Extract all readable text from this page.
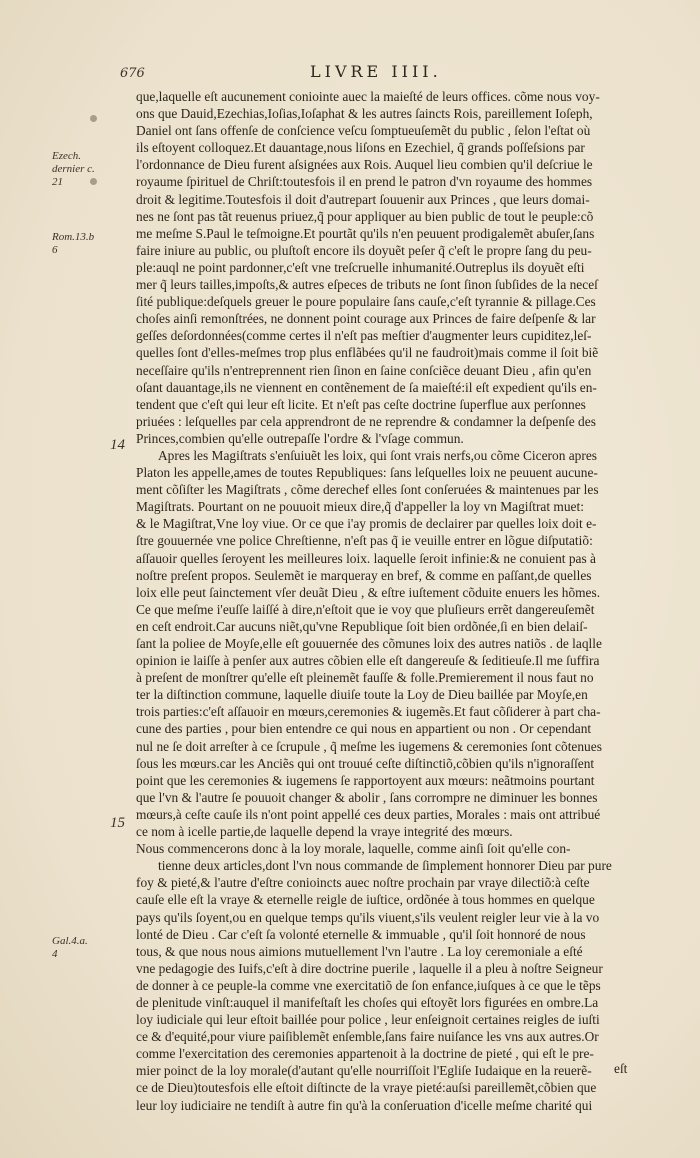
676	LIVRE IIII.
Ezech.
dernier c.
21
Rom.13.b
6
Gal.4.a.
4
14
15
que,laquelle eſt aucunement coniointe auec la maieſté de leurs offices. cõme nous voy-
ons que Dauid,Ezechias,Ioſias,Ioſaphat & les autres ſaincts Rois, pareillement Ioſeph,
Daniel ont ſans offenſe de conſcience veſcu ſomptueuſemẽt du public , ſelon l'eſtat où
ils eſtoyent colloquez.Et dauantage,nous liſons en Ezechiel, q̃ grands poſſeſsions par
l'ordonnance de Dieu furent aſsignées aux Rois. Auquel lieu combien qu'il deſcriue le
royaume ſpirituel de Chriſt:toutesfois il en prend le patron d'vn royaume des hommes
droit & legitime.Toutesfois il doit d'autrepart ſouuenir aux Princes , que leurs domai-
nes ne ſont pas tãt reuenus priuez,q̃ pour appliquer au bien public de tout le peuple:cõ
me meſme S.Paul le teſmoigne.Et pourtãt qu'ils n'en peuuent prodigalemẽt abuſer,ſans
faire iniure au public, ou pluſtoſt encore ils doyuẽt peſer q̃ c'eſt le propre ſang du peu-
ple:auql ne point pardonner,c'eſt vne treſcruelle inhumanité.Outreplus ils doyuẽt eſti
mer q̃ leurs tailles,impoſts,& autres eſpeces de tributs ne ſont ſinon ſubſides de la neceſ
ſité publique:deſquels greuer le poure populaire ſans cauſe,c'eſt tyrannie & pillage.Ces
choſes ainſi remonſtrées, ne donnent point courage aux Princes de faire deſpenſe & lar
geſſes deſordonnées(comme certes il n'eſt pas meſtier d'augmenter leurs cupiditez,leſ-
quelles ſont d'elles-meſmes trop plus enflãbées qu'il ne faudroit)mais comme il ſoit biẽ
neceſſaire qu'ils n'entreprennent rien ſinon en ſaine conſciẽce deuant Dieu , afin qu'en
oſant dauantage,ils ne viennent en contẽnement de ſa maieſté:il eſt expedient qu'ils en-
tendent que c'eſt qui leur eſt licite. Et n'eſt pas ceſte doctrine ſuperflue aux perſonnes
priuées : leſquelles par cela apprendront de ne reprendre & condamner la deſpenſe des
Princes,combien qu'elle outrepaſſe l'ordre & l'vſage commun.
Apres les Magiſtrats s'enſuiuẽt les loix, qui ſont vrais nerfs,ou cõme Ciceron apres
Platon les appelle,ames de toutes Republiques: ſans leſquelles loix ne peuuent aucune-
ment cõſiſter les Magiſtrats , cõme derechef elles ſont conſeruées & maintenues par les
Magiſtrats. Pourtant on ne pouuoit mieux dire,q̃ d'appeller la loy vn Magiſtrat muet:
& le Magiſtrat,Vne loy viue. Or ce que i'ay promis de declairer par quelles loix doit e-
ſtre gouuernée vne police Chreſtienne, n'eſt pas q̃ ie veuille entrer en lõgue diſputatiõ:
aſſauoir quelles ſeroyent les meilleures loix. laquelle ſeroit infinie:& ne conuient pas à
noſtre preſent propos. Seulemẽt ie marqueray en bref, & comme en paſſant,de quelles
loix elle peut ſainctement vſer deuãt Dieu , & eſtre iuſtement cõduite enuers les hõmes.
Ce que meſme i'euſſe laiſſé à dire,n'eſtoit que ie voy que pluſieurs errẽt dangereuſemẽt
en ceſt endroit.Car aucuns niẽt,qu'vne Republique ſoit bien ordõnée,ſi en bien delaiſ-
ſant la poliee de Moyſe,elle eſt gouuernée des cõmunes loix des autres natiõs . de laqlle
opinion ie laiſſe à penſer aux autres cõbien elle eſt dangereuſe & ſeditieuſe.Il me ſuffira
à preſent de monſtrer qu'elle eſt pleinemẽt fauſſe & folle.Premierement il nous faut no
ter la diſtinction commune, laquelle diuiſe toute la Loy de Dieu baillée par Moyſe,en
trois parties:c'eſt aſſauoir en mœurs,ceremonies & iugemẽs.Et faut cõſiderer à part cha-
cune des parties , pour bien entendre ce qui nous en appartient ou non . Or cependant
nul ne ſe doit arreſter à ce ſcrupule , q̃ meſme les iugemens & ceremonies ſont cõtenues
ſous les mœurs.car les Anciẽs qui ont trouué ceſte diſtinctiõ,cõbien qu'ils n'ignoraſſent
point que les ceremonies & iugemens ſe rapportoyent aux mœurs: neãtmoins pourtant
que l'vn & l'autre ſe pouuoit changer & abolir , ſans corrompre ne diminuer les bonnes
mœurs,à ceſte cauſe ils n'ont point appellé ces deux parties, Morales : mais ont attribué
ce nom à icelle partie,de laquelle depend la vraye integrité des mœurs.
Nous commencerons donc à la loy morale, laquelle, comme ainſi ſoit qu'elle con-
tienne deux articles,dont l'vn nous commande de ſimplement honnorer Dieu par pure
foy & pieté,& l'autre d'eſtre conioincts auec noſtre prochain par vraye dilectiõ:à ceſte
cauſe elle eſt la vraye & eternelle reigle de iuſtice, ordõnée à tous hommes en quelque
pays qu'ils ſoyent,ou en quelque temps qu'ils viuent,s'ils veulent reigler leur vie à la vo
lonté de Dieu . Car c'eſt ſa volonté eternelle & immuable , qu'il ſoit honnoré de nous
tous, & que nous nous aimions mutuellement l'vn l'autre . La loy ceremoniale a eſté
vne pedagogie des Iuifs,c'eſt à dire doctrine puerile , laquelle il a pleu à noſtre Seigneur
de donner à ce peuple-la comme vne exercitatiõ de ſon enfance,iuſques à ce que le tẽps
de plenitude vinſt:auquel il manifeſtaſt les choſes qui eſtoyẽt lors figurées en ombre.La
loy iudiciale qui leur eſtoit baillée pour police , leur enſeignoit certaines reigles de iuſti
ce & d'equité,pour viure paiſiblemẽt enſemble,ſans faire nuiſance les vns aux autres.Or
comme l'exercitation des ceremonies appartenoit à la doctrine de pieté , qui eſt le pre-
mier poinct de la loy morale(d'autant qu'elle nourriſſoit l'Egliſe Iudaique en la reuerẽ-
ce de Dieu)toutesfois elle eſtoit diſtincte de la vraye pieté:auſsi pareillemẽt,cõbien que
leur loy iudiciaire ne tendiſt à autre fin qu'à la conſeruation d'icelle meſme charité qui
eſt
